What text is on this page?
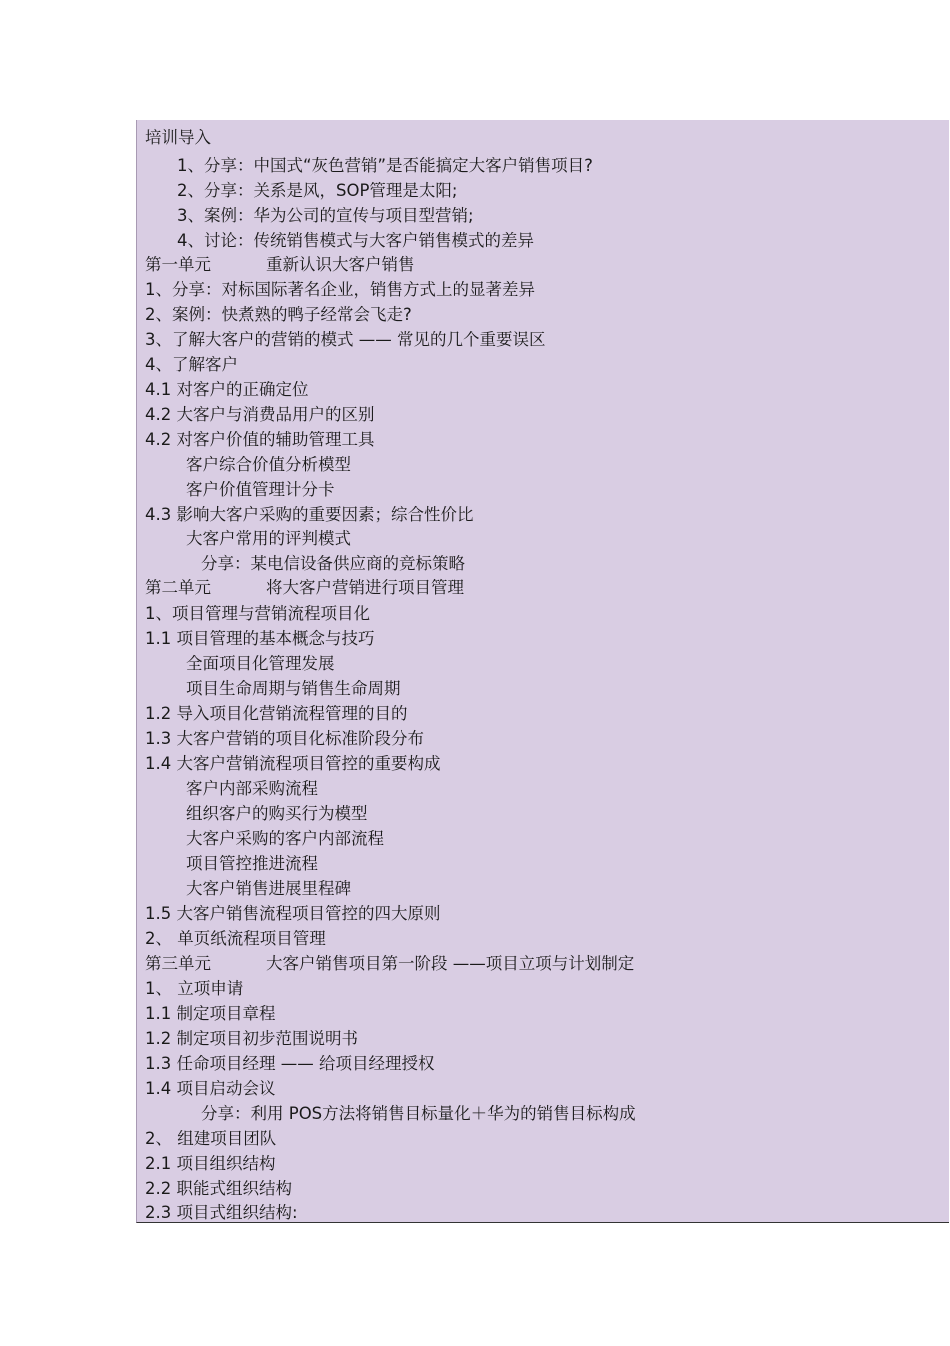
培训导入
1、分享：中国式“灰色营销”是否能搞定大客户销售项目?
2、分享：关系是风，SOP管理是太阳;
3、案例：华为公司的宣传与项目型营销;
4、讨论：传统销售模式与大客户销售模式的差异
第一单元	重新认识大客户销售
1、分享：对标国际著名企业，销售方式上的显著差异
2、案例：快煮熟的鸭子经常会飞走?
3、了解大客户的营销的模式 —— 常见的几个重要误区
4、了解客户
4.1 对客户的正确定位
4.2 大客户与消费品用户的区别
4.2 对客户价值的辅助管理工具
客户综合价值分析模型
客户价值管理计分卡
4.3 影响大客户采购的重要因素；综合性价比
大客户常用的评判模式
分享：某电信设备供应商的竞标策略
第二单元	将大客户营销进行项目管理
1、项目管理与营销流程项目化
1.1 项目管理的基本概念与技巧
全面项目化管理发展
项目生命周期与销售生命周期
1.2 导入项目化营销流程管理的目的
1.3 大客户营销的项目化标准阶段分布
1.4 大客户营销流程项目管控的重要构成
客户内部采购流程
组织客户的购买行为模型
大客户采购的客户内部流程
项目管控推进流程
大客户销售进展里程碑
1.5 大客户销售流程项目管控的四大原则
2、 单页纸流程项目管理
第三单元	大客户销售项目第一阶段 ——项目立项与计划制定
1、 立项申请
1.1 制定项目章程
1.2 制定项目初步范围说明书
1.3 任命项目经理 —— 给项目经理授权
1.4 项目启动会议
分享：利用 POS方法将销售目标量化＋华为的销售目标构成
2、 组建项目团队
2.1 项目组织结构
2.2 职能式组织结构
2.3 项目式组织结构:
